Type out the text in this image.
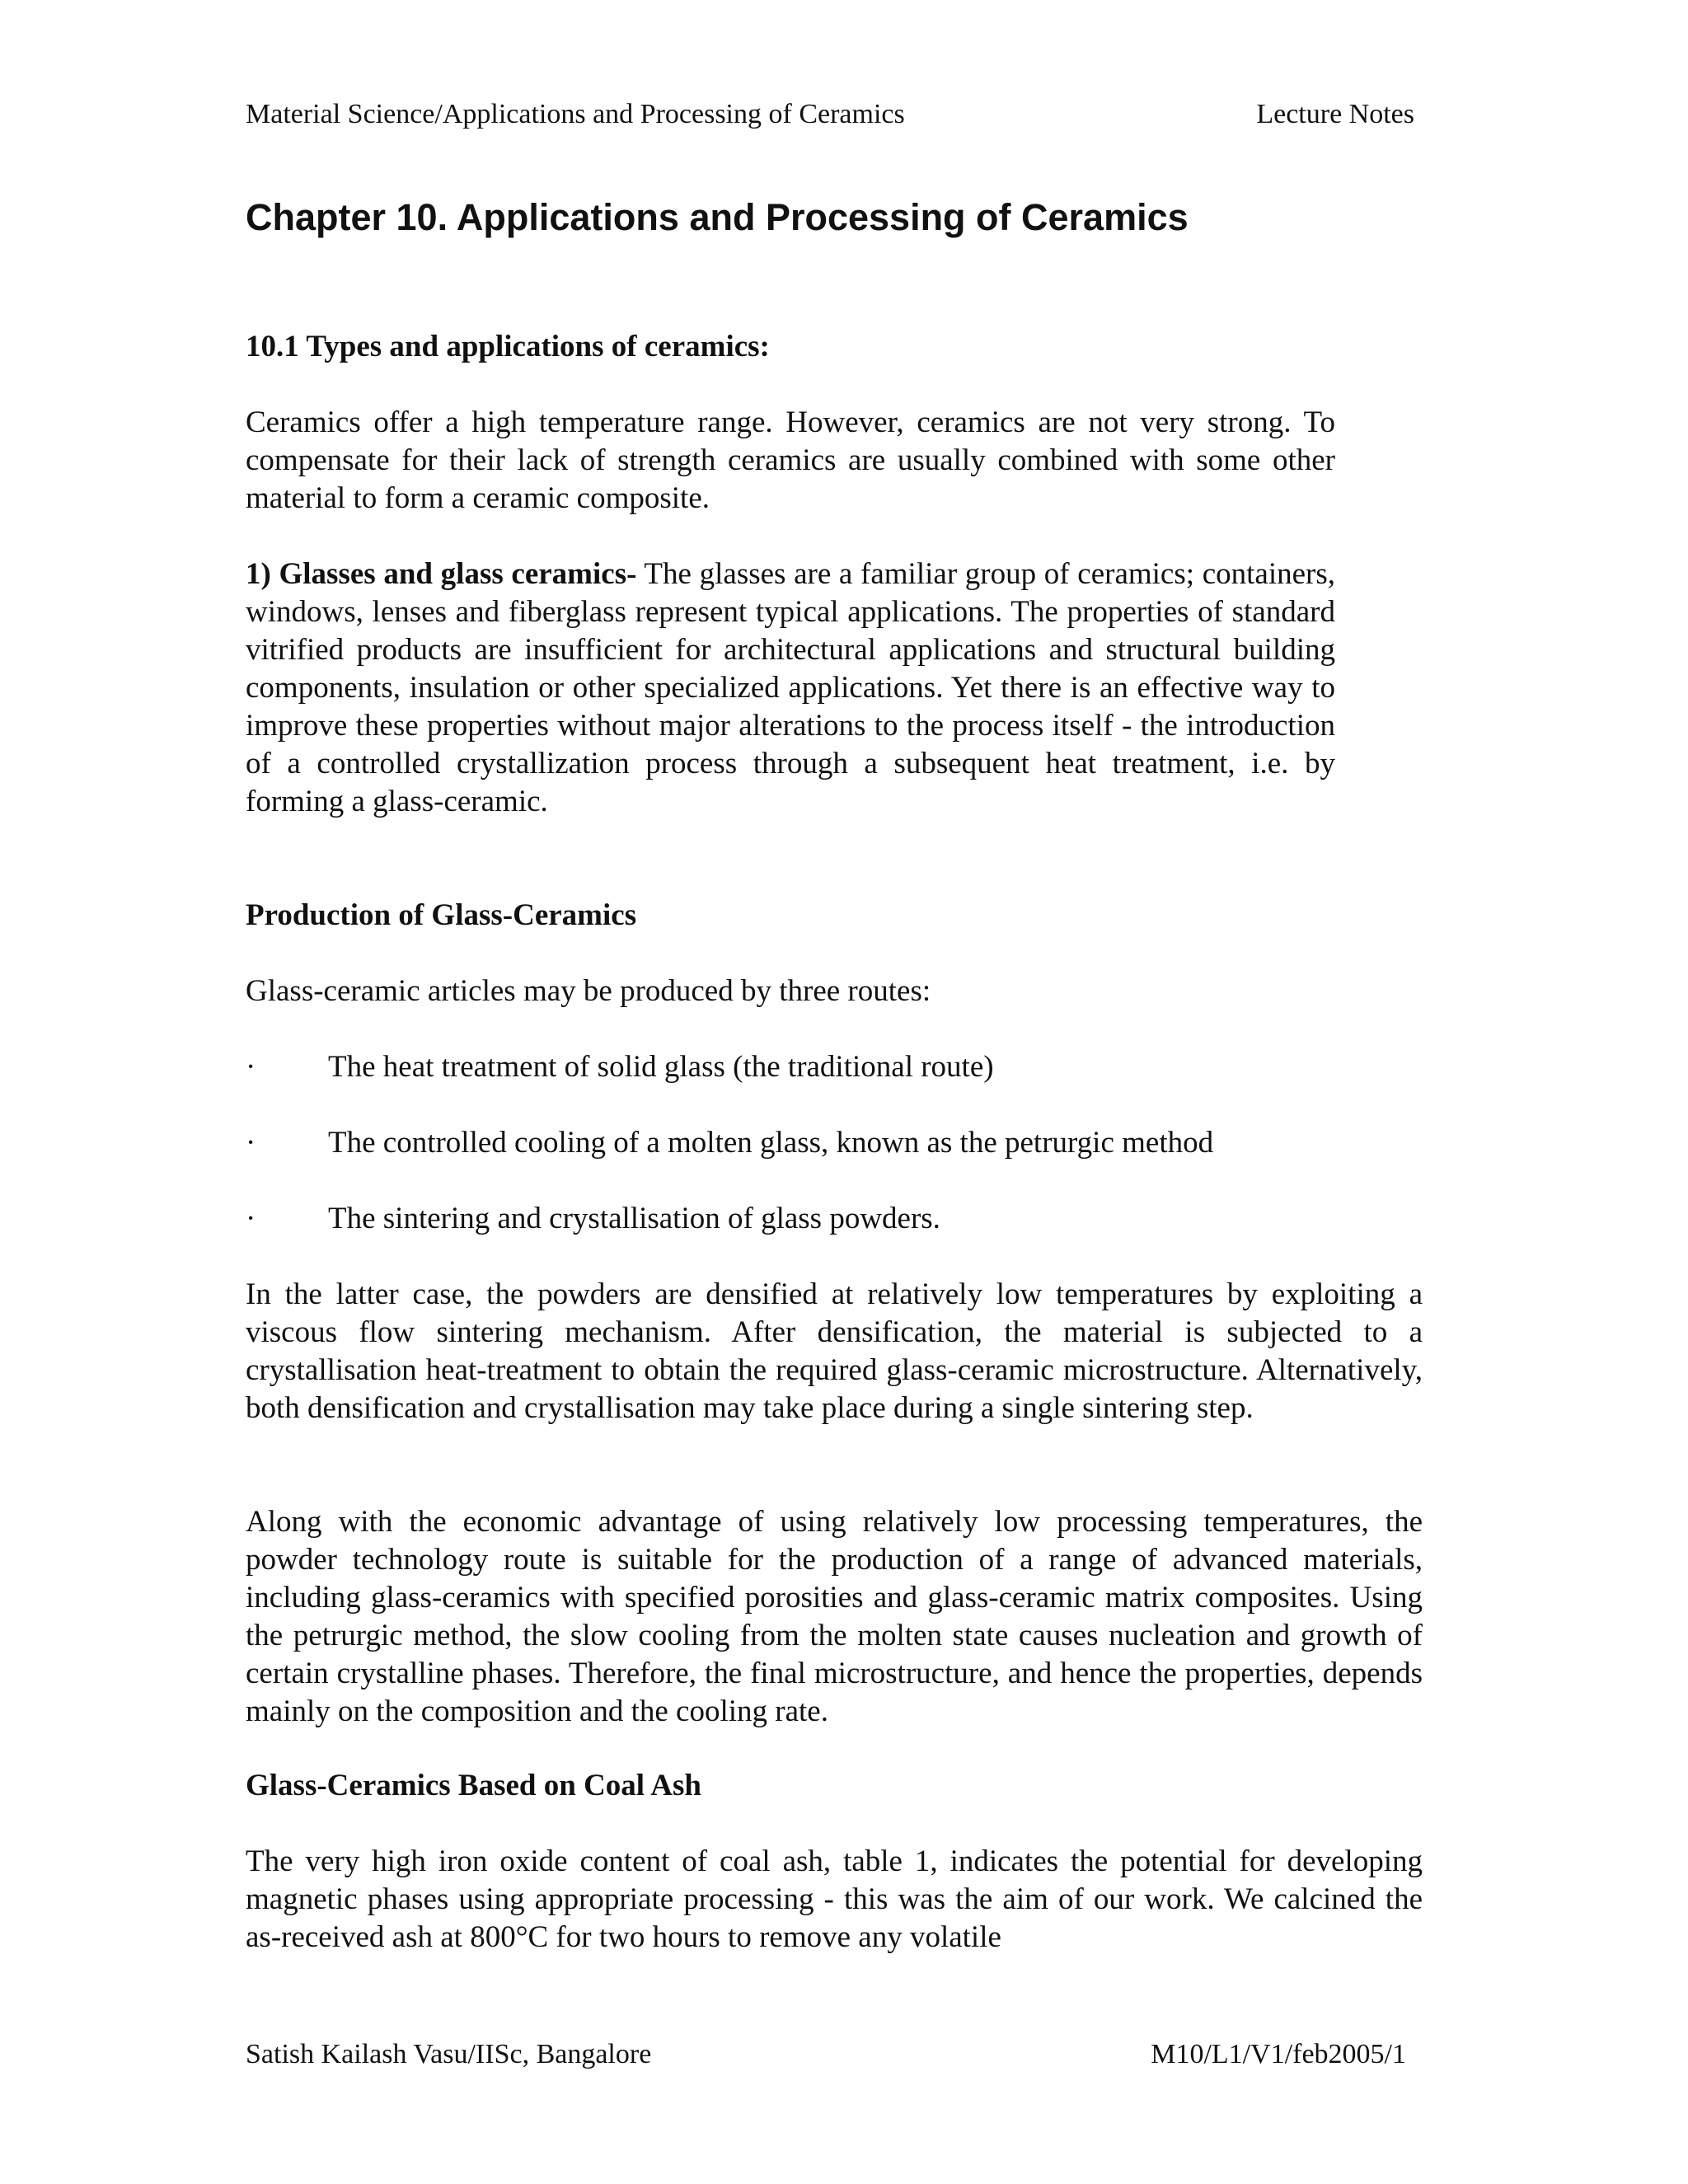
Material Science/Applications and Processing of Ceramics	Lecture Notes
Chapter 10. Applications and Processing of Ceramics
10.1 Types and applications of ceramics:

Ceramics offer a high temperature range. However, ceramics are not very strong. To compensate for their lack of strength ceramics are usually combined with some other material to form a ceramic composite.

1) Glasses and glass ceramics- The glasses are a familiar group of ceramics; containers, windows, lenses and fiberglass represent typical applications. The properties of standard vitrified products are insufficient for architectural applications and structural building components, insulation or other specialized applications. Yet there is an effective way to improve these properties without major alterations to the process itself - the introduction of a controlled crystallization process through a subsequent heat treatment, i.e. by forming a glass-ceramic.

Production of Glass-Ceramics

Glass-ceramic articles may be produced by three routes:

· The heat treatment of solid glass (the traditional route)
· The controlled cooling of a molten glass, known as the petrurgic method
· The sintering and crystallisation of glass powders.

In the latter case, the powders are densified at relatively low temperatures by exploiting a viscous flow sintering mechanism. After densification, the material is subjected to a crystallisation heat-treatment to obtain the required glass-ceramic microstructure. Alternatively, both densification and crystallisation may take place during a single sintering step.

Along with the economic advantage of using relatively low processing temperatures, the powder technology route is suitable for the production of a range of advanced materials, including glass-ceramics with specified porosities and glass-ceramic matrix composites. Using the petrurgic method, the slow cooling from the molten state causes nucleation and growth of certain crystalline phases. Therefore, the final microstructure, and hence the properties, depends mainly on the composition and the cooling rate.

Glass-Ceramics Based on Coal Ash

The very high iron oxide content of coal ash, table 1, indicates the potential for developing magnetic phases using appropriate processing - this was the aim of our work. We calcined the as-received ash at 800°C for two hours to remove any volatile

Satish Kailash Vasu/IISc, Bangalore	M10/L1/V1/feb2005/1
